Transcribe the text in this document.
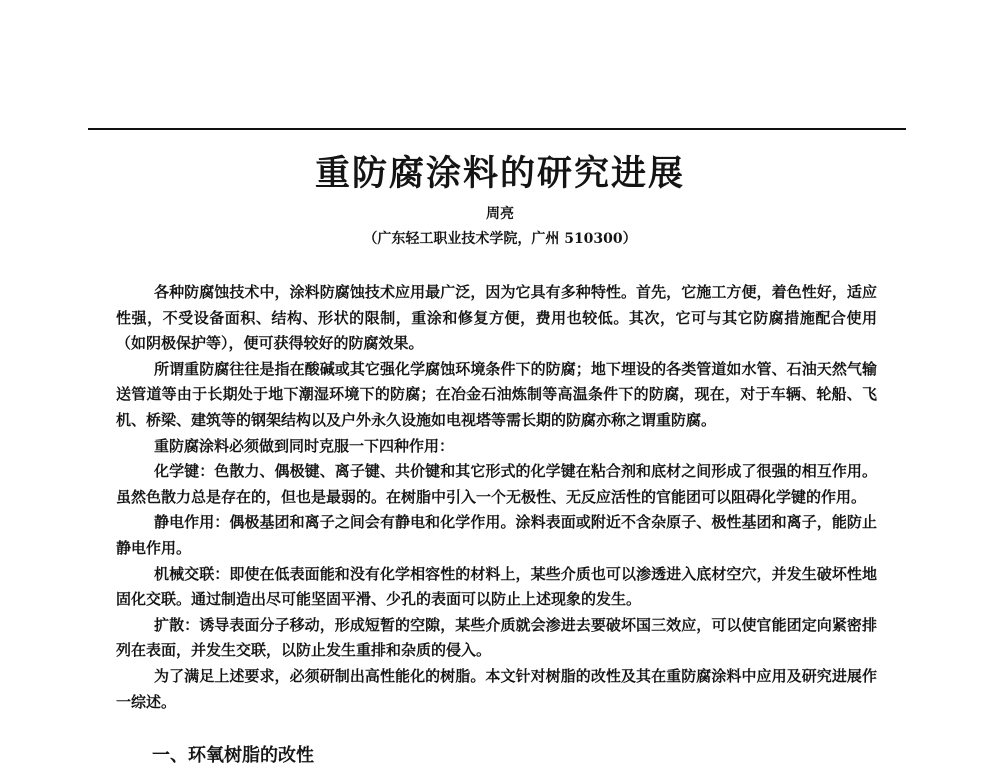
重防腐涂料的研究进展
周亮
（广东轻工职业技术学院，广州 510300）

各种防腐蚀技术中，涂料防腐蚀技术应用最广泛，因为它具有多种特性。首先，它施工方便，着色性好，适应性强，不受设备面积、结构、形状的限制，重涂和修复方便，费用也较低。其次，它可与其它防腐措施配合使用（如阴极保护等），便可获得较好的防腐效果。

所谓重防腐往往是指在酸碱或其它强化学腐蚀环境条件下的防腐；地下埋设的各类管道如水管、石油天然气输送管道等由于长期处于地下潮湿环境下的防腐；在冶金石油炼制等高温条件下的防腐，现在，对于车辆、轮船、飞机、桥梁、建筑等的钢架结构以及户外永久设施如电视塔等需长期的防腐亦称之谓重防腐。

重防腐涂料必须做到同时克服一下四种作用：

化学键：色散力、偶极键、离子键、共价键和其它形式的化学键在粘合剂和底材之间形成了很强的相互作用。虽然色散力总是存在的，但也是最弱的。在树脂中引入一个无极性、无反应活性的官能团可以阻碍化学键的作用。

静电作用：偶极基团和离子之间会有静电和化学作用。涂料表面或附近不含杂原子、极性基团和离子，能防止静电作用。

机械交联：即使在低表面能和没有化学相容性的材料上，某些介质也可以渗透进入底材空穴，并发生破坏性地固化交联。通过制造出尽可能坚固平滑、少孔的表面可以防止上述现象的发生。

扩散：诱导表面分子移动，形成短暂的空隙，某些介质就会渗进去要破坏国三效应，可以使官能团定向紧密排列在表面，并发生交联，以防止发生重排和杂质的侵入。

为了满足上述要求，必须研制出高性能化的树脂。本文针对树脂的改性及其在重防腐涂料中应用及研究进展作一综述。

一、环氧树脂的改性
